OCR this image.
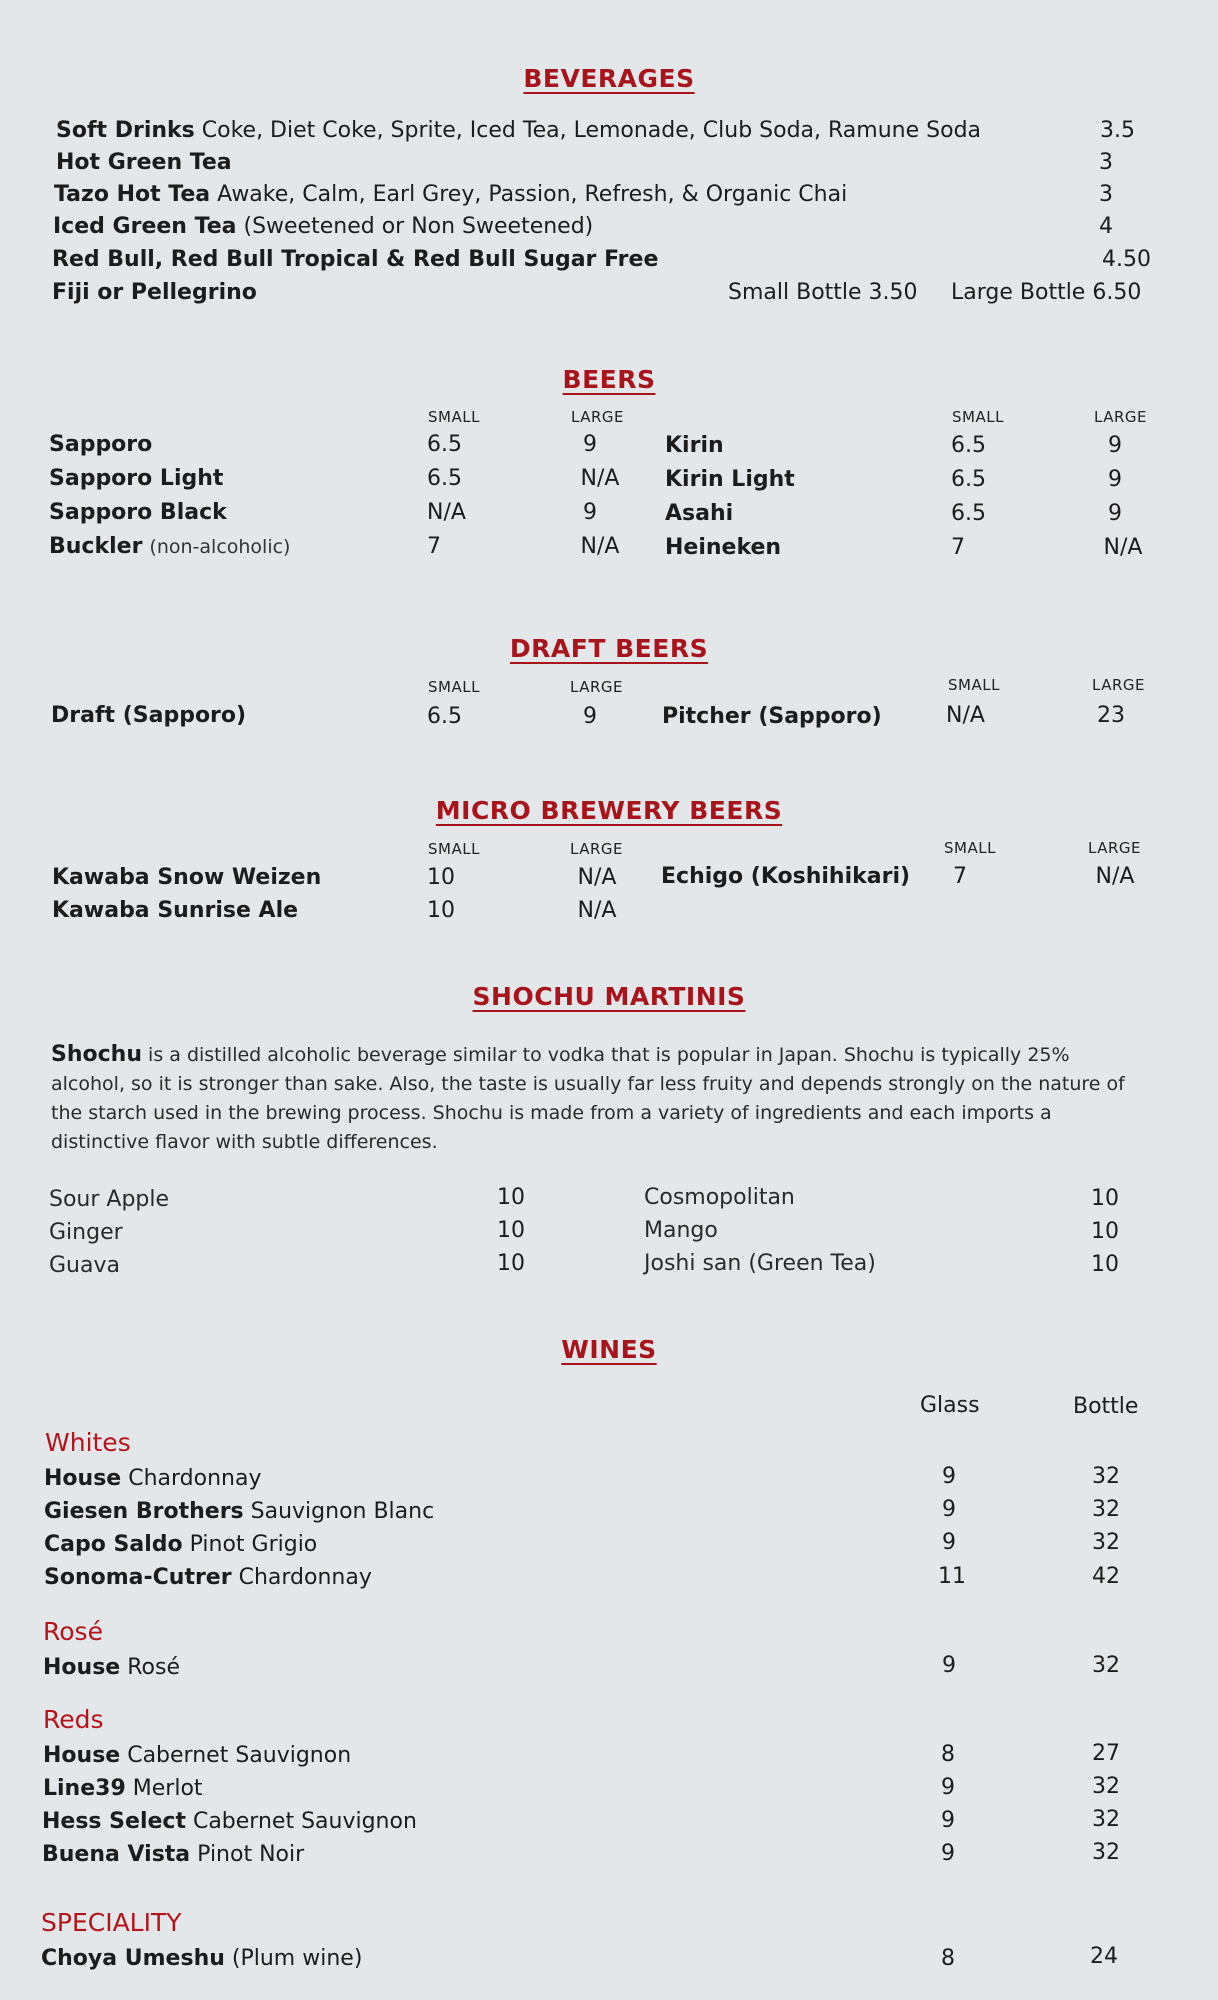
BEVERAGES
Soft Drinks Coke, Diet Coke, Sprite, Iced Tea, Lemonade, Club Soda, Ramune Soda	3.5
Hot Green Tea	3
Tazo Hot Tea Awake, Calm, Earl Grey, Passion, Refresh, & Organic Chai	3
Iced Green Tea (Sweetened or Non Sweetened)	4
Red Bull, Red Bull Tropical & Red Bull Sugar Free	4.50
Fiji or Pellegrino	Small Bottle 3.50 Large Bottle 6.50
BEERS
SMALL	LARGE	SMALL	LARGE
Sapporo	6.5	9
Sapporo Light	6.5	N/A
Sapporo Black	N/A	9
Buckler (non-alcoholic)	7	N/A
Kirin	6.5	9
Kirin Light	6.5	9
Asahi	6.5	9
Heineken	7	N/A
DRAFT BEERS
SMALL	LARGE	SMALL	LARGE
Draft (Sapporo)	6.5	9	Pitcher (Sapporo)	N/A	23
MICRO BREWERY BEERS
SMALL	LARGE	SMALL	LARGE
Kawaba Snow Weizen	10	N/A
Kawaba Sunrise Ale	10	N/A
Echigo (Koshihikari) 7	N/A
SHOCHU MARTINIS
Shochu is a distilled alcoholic beverage similar to vodka that is popular in Japan. Shochu is typically 25% alcohol, so it is stronger than sake. Also, the taste is usually far less fruity and depends strongly on the nature of the starch used in the brewing process. Shochu is made from a variety of ingredients and each imports a distinctive flavor with subtle differences.
Sour Apple	10
Ginger	10
Guava	10
Cosmopolitan	10
Mango	10
Joshi san (Green Tea)	10
WINES
Glass	Bottle
Whites
House Chardonnay	9	32
Giesen Brothers Sauvignon Blanc	9	32
Capo Saldo Pinot Grigio	9	32
Sonoma-Cutrer Chardonnay	11	42
Rosé
House Rosé	9	32
Reds
House Cabernet Sauvignon	8	27
Line39 Merlot	9	32
Hess Select Cabernet Sauvignon	9	32
Buena Vista Pinot Noir	9	32
SPECIALITY
Choya Umeshu (Plum wine)	8	24
